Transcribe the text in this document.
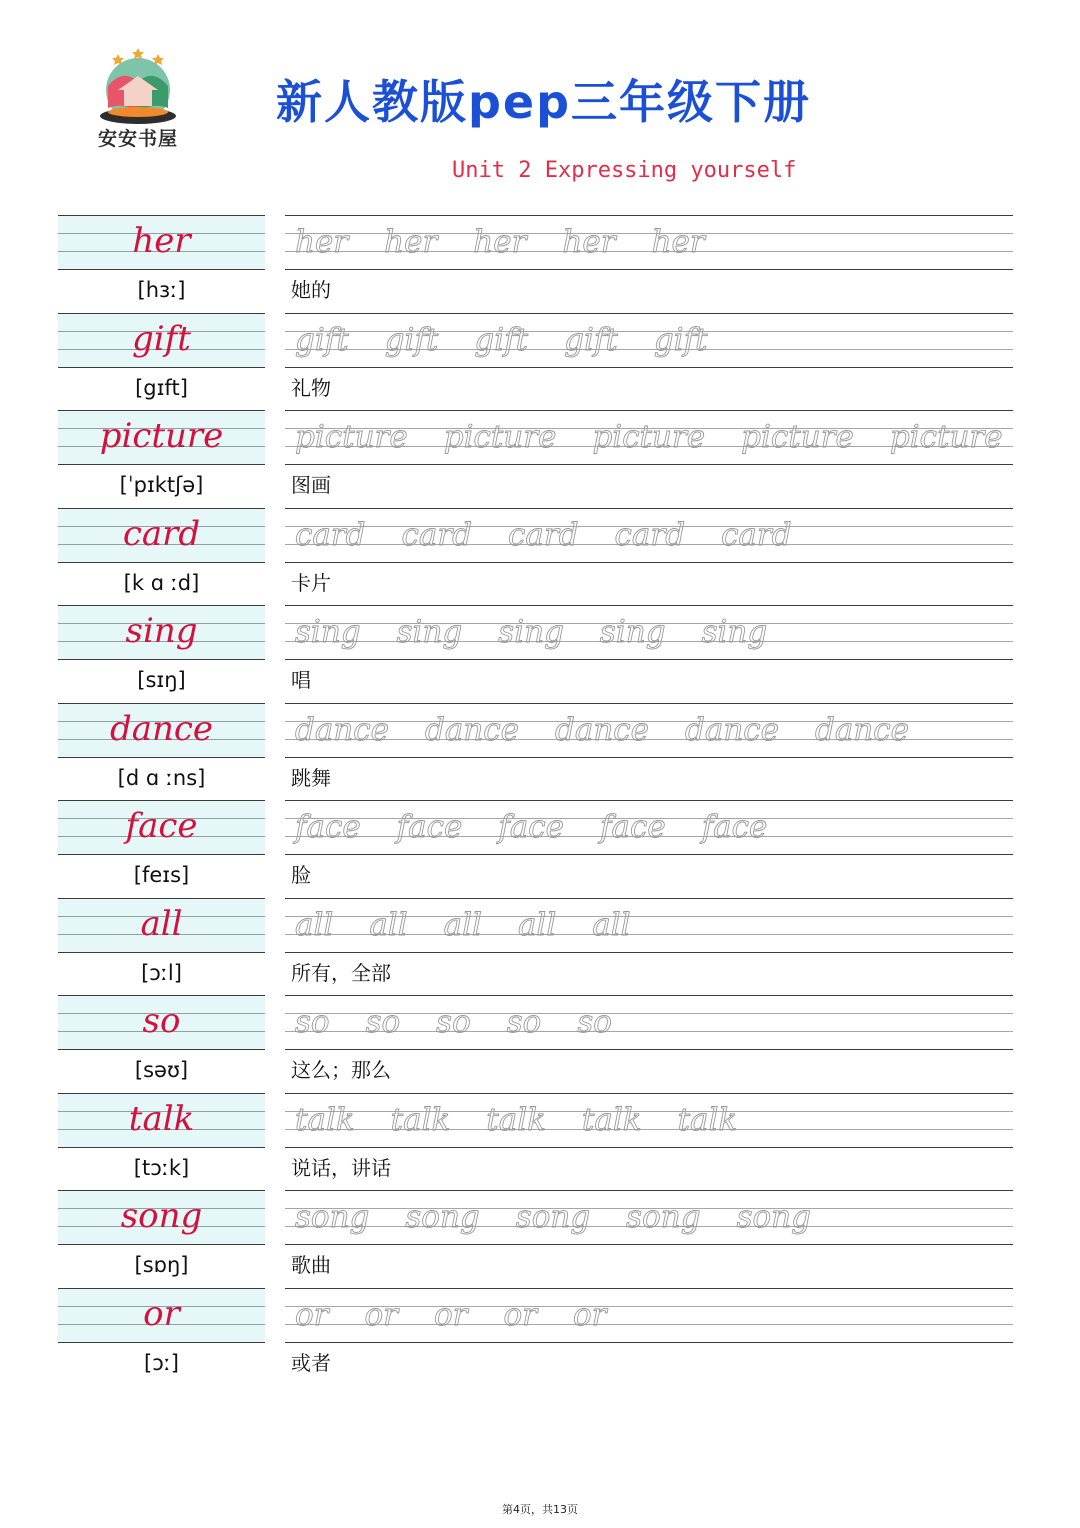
安安书屋
新人教版pep三年级下册
Unit 2 Expressing yourself
her	her her her her her
[hɜː]	她的
gift	gift gift gift gift gift
[gɪft]	礼物
picture	picture picture picture picture picture
[ˈpɪktʃə]	图画
card	card card card card card
[k ɑ ːd]	卡片
sing	sing sing sing sing sing
[sɪŋ]	唱
dance	dance dance dance dance dance
[d ɑ ːns]	跳舞
face	face face face face face
[feɪs]	脸
all	all all all all all
[ɔːl]	所有，全部
so	so so so so so
[səʊ]	这么；那么
talk	talk talk talk talk talk
[tɔːk]	说话，讲话
song	song song song song song
[sɒŋ]	歌曲
or	or or or or or
[ɔː]	或者
第4页，共13页
